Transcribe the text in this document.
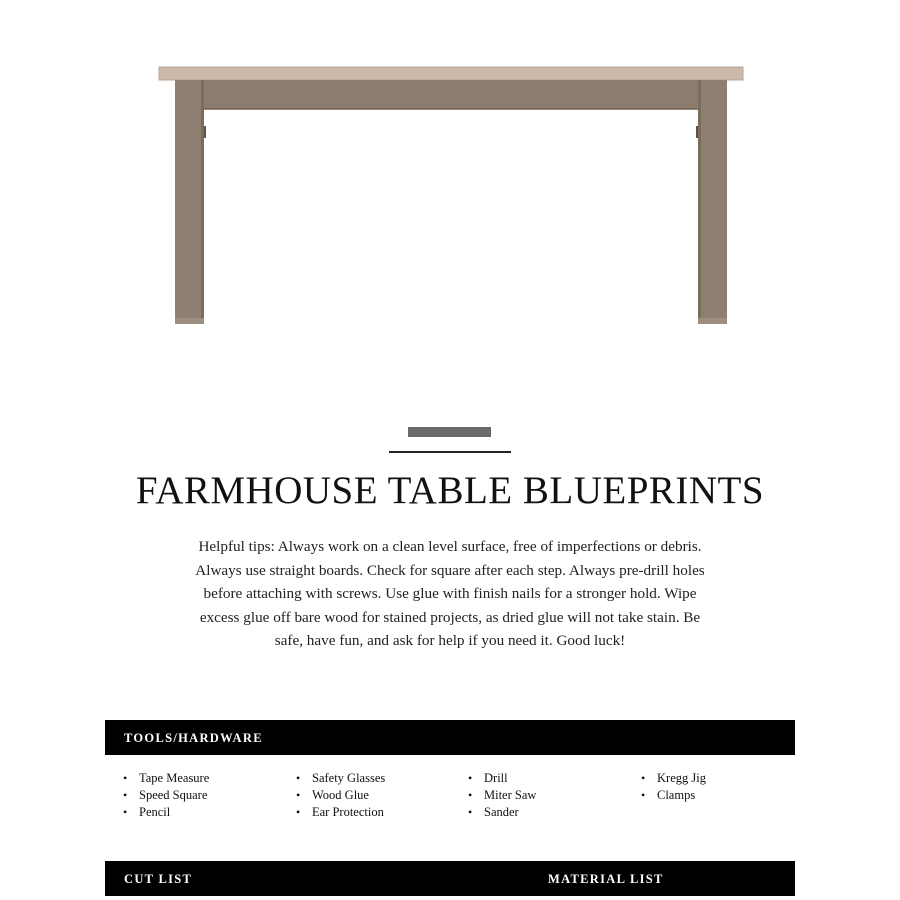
FARMHOUSE TABLE BLUEPRINTS

Helpful tips: Always work on a clean level surface, free of imperfections or debris. Always use straight boards. Check for square after each step. Always pre-drill holes before attaching with screws. Use glue with finish nails for a stronger hold. Wipe excess glue off bare wood for stained projects, as dried glue will not take stain. Be safe, have fun, and ask for help if you need it. Good luck!

TOOLS/HARDWARE
• Tape Measure
• Speed Square
• Pencil
• Safety Glasses
• Wood Glue
• Ear Protection
• Drill
• Miter Saw
• Sander
• Kregg Jig
• Clamps
CUT LIST	MATERIAL LIST
